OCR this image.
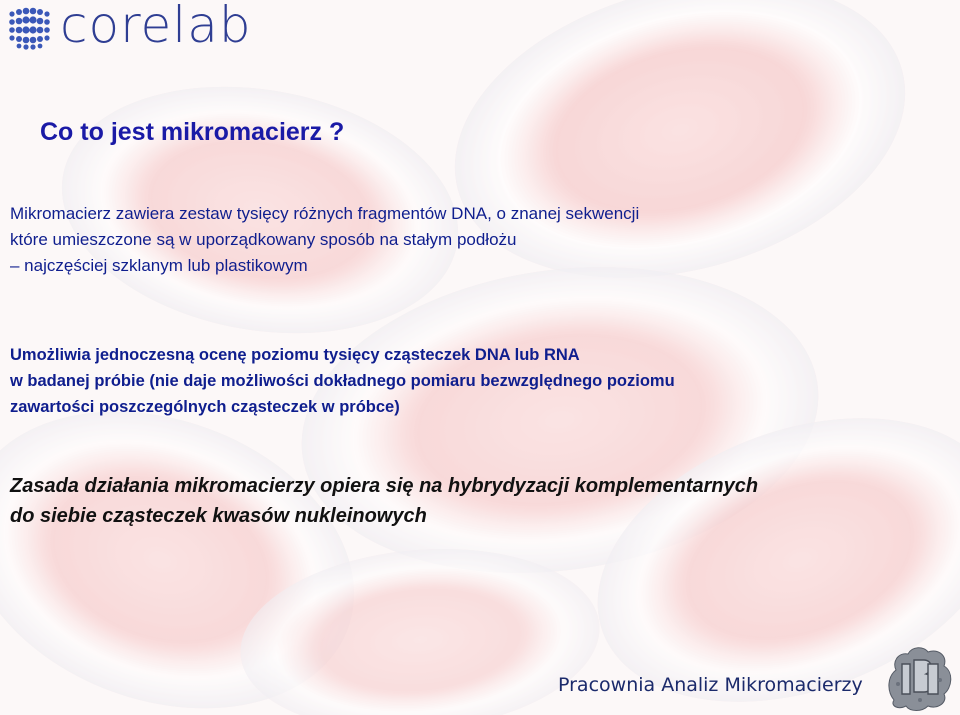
corelab
Co to jest mikromacierz ?
Mikromacierz zawiera zestaw tysięcy różnych fragmentów DNA, o znanej sekwencji
które umieszczone są w uporządkowany sposób na stałym podłożu
– najczęściej szklanym lub plastikowym
Umożliwia jednoczesną ocenę poziomu tysięcy cząsteczek DNA lub RNA
w badanej próbie (nie daje możliwości dokładnego pomiaru bezwzględnego poziomu
zawartości poszczególnych cząsteczek w próbce)
Zasada działania mikromacierzy opiera się na hybrydyzacji komplementarnych
do siebie cząsteczek kwasów nukleinowych
Pracownia Analiz Mikromacierzy
